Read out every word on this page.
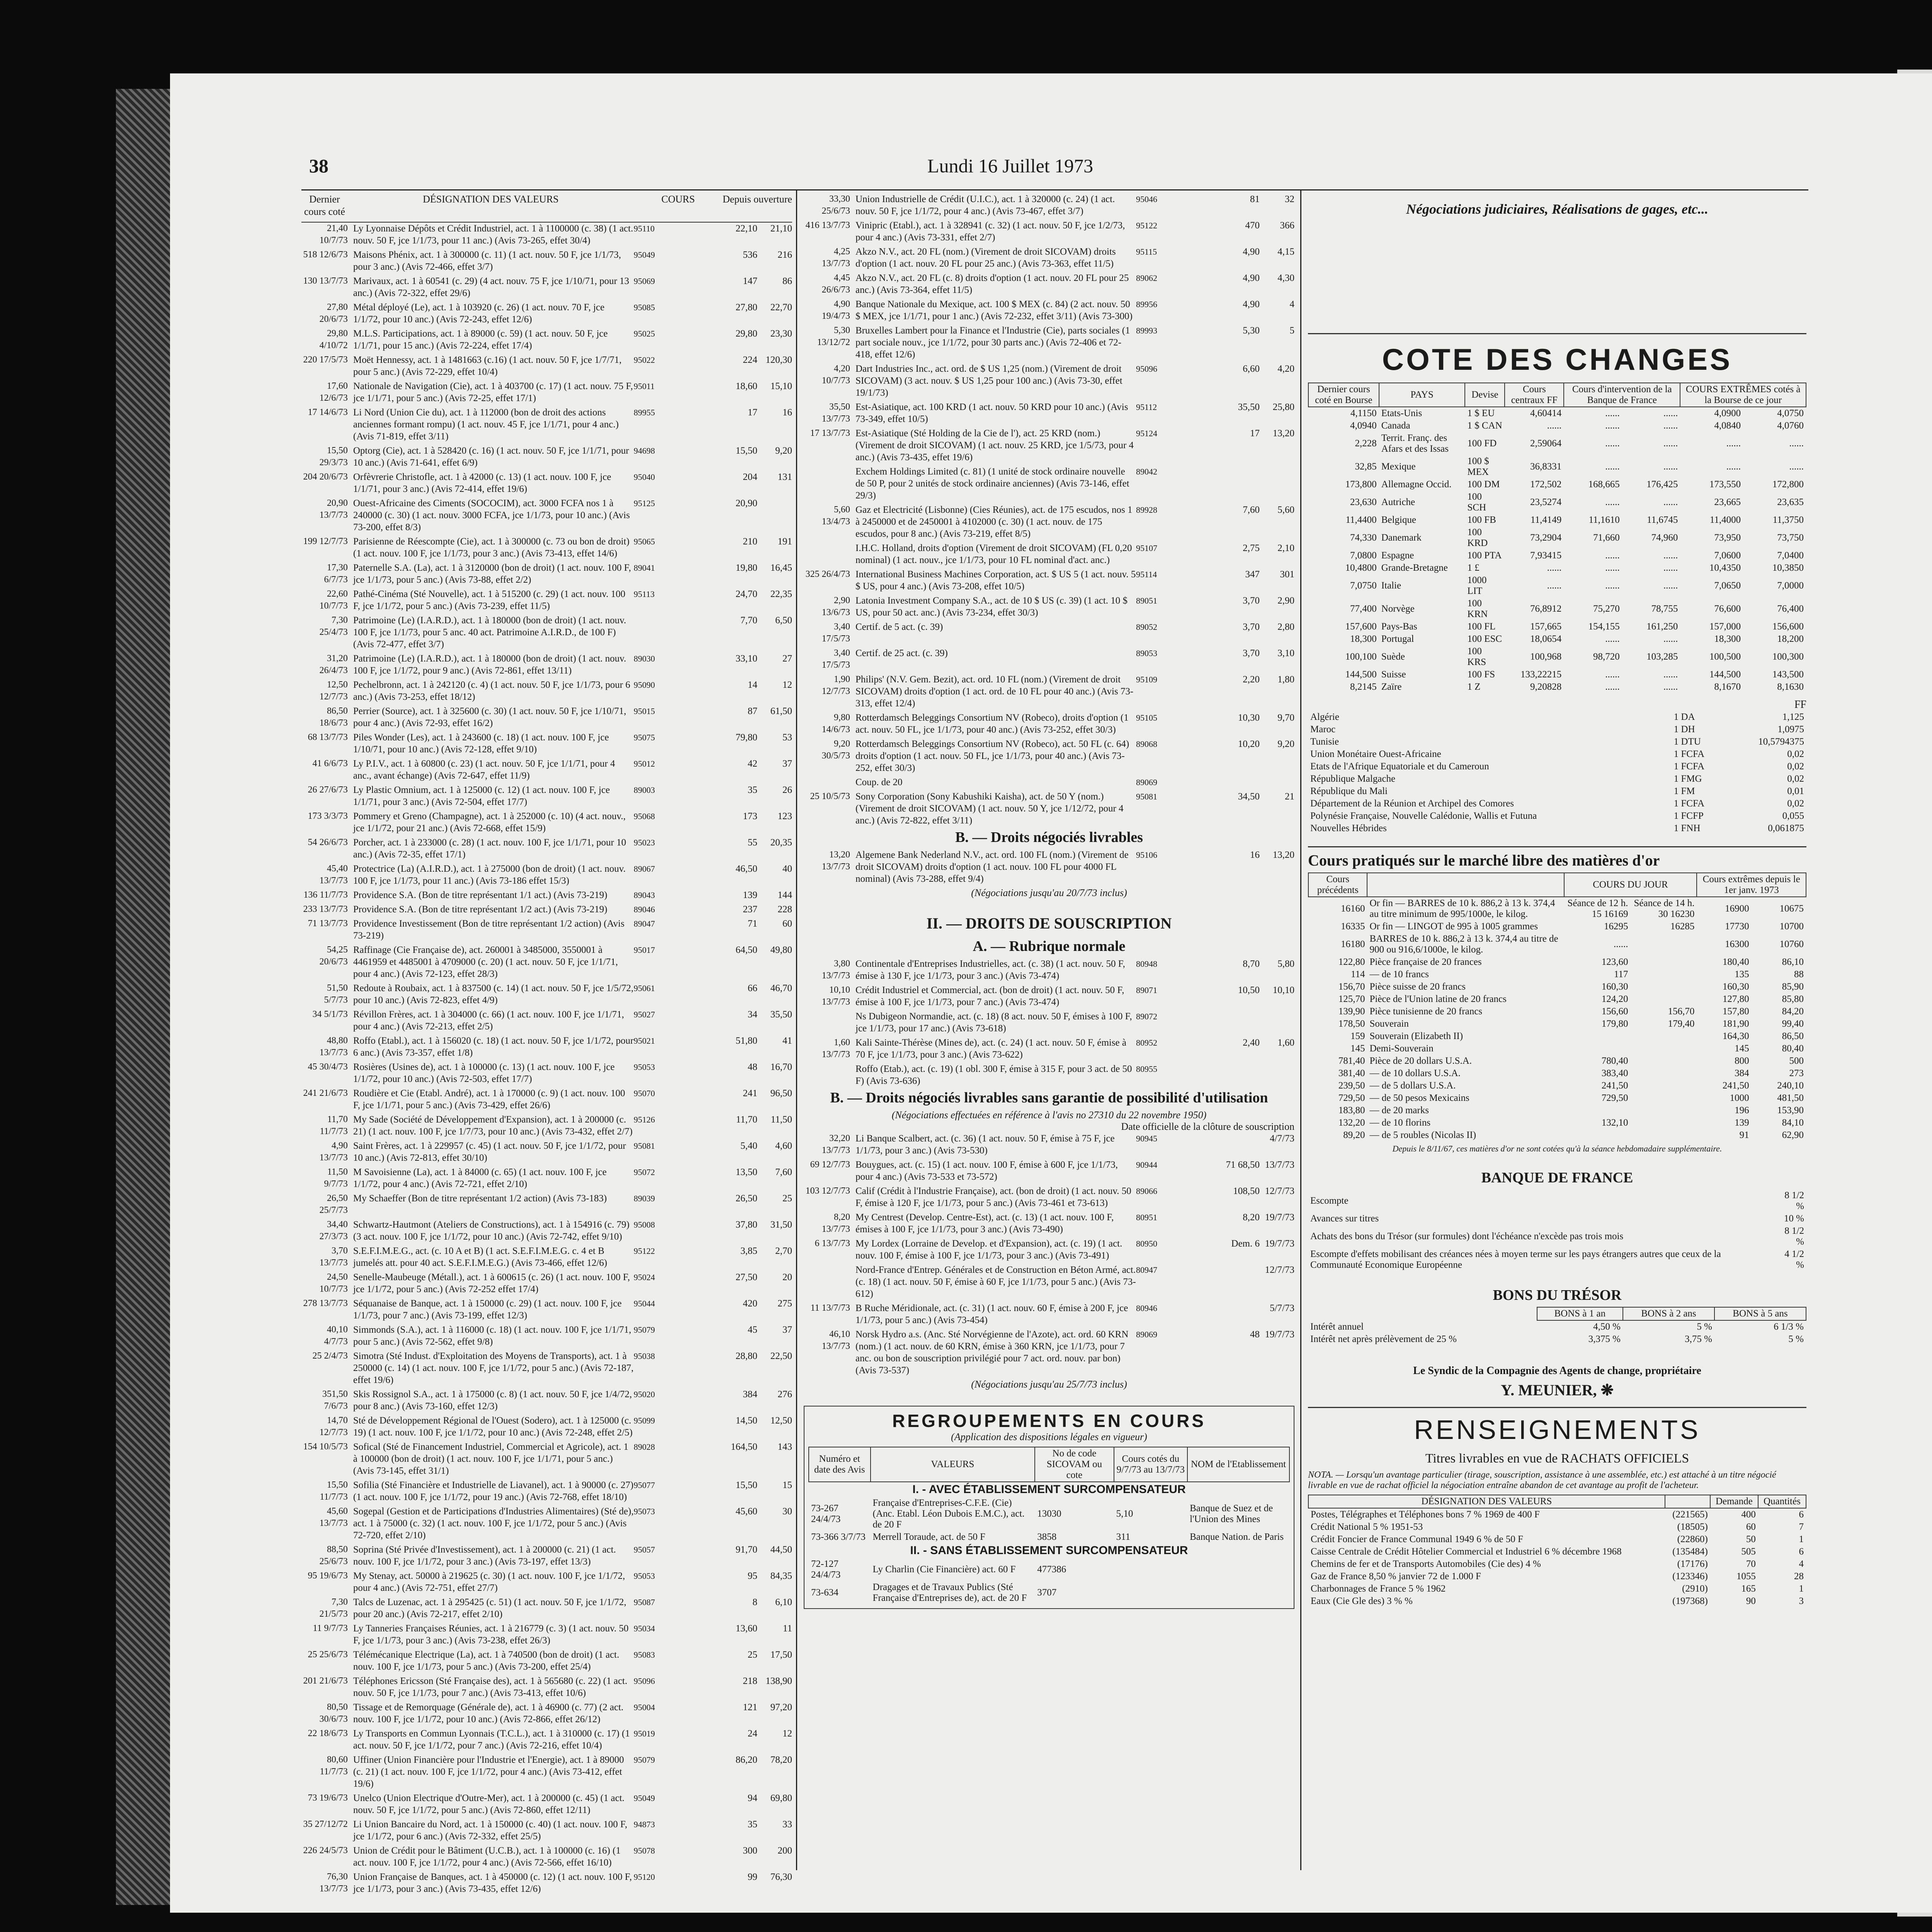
38	Lundi 16 Juillet 1973
Dernier cours coté
DÉSIGNATION DES VALEURS	COURS	Depuis ouverture
21,40 10/7/73
Ly Lyonnaise Dépôts et Crédit Industriel, act. 1 à 1100000 (c. 38) (1 act. nouv. 50 F, jce 1/1/73, pour 11 anc.) (Avis 73-265, effet 30/4)
95110	22,10	21,10
518 12/6/73 Maisons Phénix, act. 1 à 300000 (c. 11) (1 act. nouv. 50 F, jce 1/1/73, pour 3 anc.) (Avis 72-466, effet 3/7)
95049	536	216
130 13/7/73 Marivaux, act. 1 à 60541 (c. 29) (4 act. nouv. 75 F, jce 1/10/71, pour 13 anc.) (Avis 72-322, effet 29/6)
95069	147	86
27,80 20/6/73
Métal déployé (Le), act. 1 à 103920 (c. 26) (1 act. nouv. 70 F, jce 1/1/72, pour 10 anc.) (Avis 72-243, effet 12/6)
95085	27,80	22,70
29,80 4/10/72
M.L.S. Participations, act. 1 à 89000 (c. 59) (1 act. nouv. 50 F, jce 1/1/71, pour 15 anc.) (Avis 72-224, effet 17/4)
95025	29,80	23,30
220 17/5/73 Moët Hennessy, act. 1 à 1481663 (c.16) (1 act. nouv. 50 F, jce 1/7/71, pour 5 anc.) (Avis 72-229, effet 10/4)
95022	224 120,30
17,60 12/6/73
Nationale de Navigation (Cie), act. 1 à 403700 (c. 17) (1 act. nouv. 75 F, jce 1/1/71, pour 5 anc.) (Avis 72-25, effet 17/1)
95011	18,60	15,10
17 14/6/73 Li Nord (Union Cie du), act. 1 à 112000 (bon de droit des actions anciennes formant rompu) (1 act. nouv. 45 F, jce 1/1/71, pour 4 anc.) (Avis 71-819, effet 3/11)
89955	17	16
15,50 29/3/73
Optorg (Cie), act. 1 à 528420 (c. 16) (1 act. nouv. 50 F, jce 1/1/71, pour 10 anc.) (Avis 71-641, effet 6/9)
94698	15,50	9,20
204 20/6/73 Orfèvrerie Christofle, act. 1 à 42000 (c. 13) (1 act. nouv. 100 F, jce 1/1/71, pour 3 anc.) (Avis 72-414, effet 19/6)
95040	204	131
20,90 13/7/73
Ouest-Africaine des Ciments (SOCOCIM), act. 3000 FCFA nos 1 à 240000 (c. 30) (1 act. nouv. 3000 FCFA, jce 1/1/73, pour 10 anc.) (Avis 73-200, effet 8/3)
95125	20,90
199 12/7/73 Parisienne de Réescompte (Cie), act. 1 à 300000 (c. 73 ou bon de droit) (1 act. nouv. 100 F, jce 1/1/73, pour 3 anc.) (Avis 73-413, effet 14/6)
95065	210	191
17,30 6/7/73
Paternelle S.A. (La), act. 1 à 3120000 (bon de droit) (1 act. nouv. 100 F, jce 1/1/73, pour 5 anc.) (Avis 73-88, effet 2/2)
89041	19,80	16,45
22,60 10/7/73
Pathé-Cinéma (Sté Nouvelle), act. 1 à 515200 (c. 29) (1 act. nouv. 100 F, jce 1/1/72, pour 5 anc.) (Avis 73-239, effet 11/5)
95113	24,70	22,35
7,30 25/4/73
Patrimoine (Le) (I.A.R.D.), act. 1 à 180000 (bon de droit) (1 act. nouv. 100 F, jce 1/1/73, pour 5 anc. 40 act. Patrimoine A.I.R.D., de 100 F) (Avis 72-477, effet 3/7)
7,70	6,50
31,20 26/4/73
Patrimoine (Le) (I.A.R.D.), act. 1 à 180000 (bon de droit) (1 act. nouv. 100 F, jce 1/1/72, pour 9 anc.) (Avis 72-861, effet 13/11)
89030	33,10	27
12,50 12/7/73
Pechelbronn, act. 1 à 242120 (c. 4) (1 act. nouv. 50 F, jce 1/1/73, pour 6 anc.) (Avis 73-253, effet 18/12)
95090	14	12
86,50 18/6/73
Perrier (Source), act. 1 à 325600 (c. 30) (1 act. nouv. 50 F, jce 1/10/71, pour 4 anc.) (Avis 72-93, effet 16/2)
95015	87	61,50
68 13/7/73 Piles Wonder (Les), act. 1 à 243600 (c. 18) (1 act. nouv. 100 F, jce 1/10/71, pour 10 anc.) (Avis 72-128, effet 9/10)
95075	79,80	53
41 6/6/73 Ly P.I.V., act. 1 à 60800 (c. 23) (1 act. nouv. 50 F, jce 1/1/71, pour 4 anc., avant échange) (Avis 72-647, effet 11/9)
95012	42	37
26 27/6/73 Ly Plastic Omnium, act. 1 à 125000 (c. 12) (1 act. nouv. 100 F, jce 1/1/71, pour 3 anc.) (Avis 72-504, effet 17/7)
89003	35	26
173 3/3/73 Pommery et Greno (Champagne), act. 1 à 252000 (c. 10) (4 act. nouv., jce 1/1/72, pour 21 anc.) (Avis 72-668, effet 15/9)
95068	173	123
54 26/6/73 Porcher, act. 1 à 233000 (c. 28) (1 act. nouv. 100 F, jce 1/1/71, pour 10 anc.) (Avis 72-35, effet 17/1)
95023	55	20,35
45,40 13/7/73
Protectrice (La) (A.I.R.D.), act. 1 à 275000 (bon de droit) (1 act. nouv. 100 F, jce 1/1/73, pour 11 anc.) (Avis 73-186 effet 15/3)
89067	46,50	40
136 11/7/73 Providence S.A. (Bon de titre représentant 1/1 act.) (Avis 73-219)	89043	139	144
233 13/7/73 Providence S.A. (Bon de titre représentant 1/2 act.) (Avis 73-219)	89046	237	228
71 13/7/73 Providence Investissement (Bon de titre représentant 1/2 action) (Avis 73-219)
89047	71	60
54,25 20/6/73
Raffinage (Cie Française de), act. 260001 à 3485000, 3550001 à 4461959 et 4485001 à 4709000 (c. 20) (1 act. nouv. 50 F, jce 1/1/71, pour 4 anc.) (Avis 72-123, effet 28/3)
95017	64,50	49,80
51,50 5/7/73
Redoute à Roubaix, act. 1 à 837500 (c. 14) (1 act. nouv. 50 F, jce 1/5/72, pour 10 anc.) (Avis 72-823, effet 4/9)
95061	66	46,70
34 5/1/73 Révillon Frères, act. 1 à 304000 (c. 66) (1 act. nouv. 100 F, jce 1/1/71, pour 4 anc.) (Avis 72-213, effet 2/5)
95027	34	35,50
48,80 13/7/73
Roffo (Etabl.), act. 1 à 156020 (c. 18) (1 act. nouv. 50 F, jce 1/1/72, pour 6 anc.) (Avis 73-357, effet 1/8)
95021	51,80	41
45 30/4/73 Rosières (Usines de), act. 1 à 100000 (c. 13) (1 act. nouv. 100 F, jce 1/1/72, pour 10 anc.) (Avis 72-503, effet 17/7)
95053	48	16,70
241 21/6/73 Roudière et Cie (Etabl. André), act. 1 à 170000 (c. 9) (1 act. nouv. 100 F, jce 1/1/71, pour 5 anc.) (Avis 73-429, effet 26/6)
95070	241	96,50
11,70 11/7/73
My Sade (Société de Développement d'Expansion), act. 1 à 200000 (c. 21) (1 act. nouv. 100 F, jce 1/7/73, pour 10 anc.) (Avis 73-432, effet 2/7)
95126	11,70	11,50
4,90 13/7/73
Saint Frères, act. 1 à 229957 (c. 45) (1 act. nouv. 50 F, jce 1/1/72, pour 10 anc.) (Avis 72-813, effet 30/10)
95081	5,40	4,60
11,50 9/7/73
M Savoisienne (La), act. 1 à 84000 (c. 65) (1 act. nouv. 100 F, jce 1/1/72, pour 4 anc.) (Avis 72-721, effet 2/10)
95072	13,50	7,60
26,50 25/7/73
My Schaeffer (Bon de titre représentant 1/2 action) (Avis 73-183)	89039	26,50	25
34,40 27/3/73
Schwartz-Hautmont (Ateliers de Constructions), act. 1 à 154916 (c. 79) (3 act. nouv. 100 F, jce 1/1/72, pour 10 anc.) (Avis 72-742, effet 9/10)
95008	37,80	31,50
3,70 13/7/73
S.E.F.I.M.E.G., act. (c. 10 A et B) (1 act. S.E.F.I.M.E.G. c. 4 et B jumelés att. pour 40 act. S.E.F.I.M.E.G.) (Avis 73-466, effet 12/6)
95122	3,85	2,70
24,50 10/7/73
Senelle-Maubeuge (Métall.), act. 1 à 600615 (c. 26) (1 act. nouv. 100 F, jce 1/1/72, pour 5 anc.) (Avis 72-252 effet 17/4)
95024	27,50	20
278 13/7/73 Séquanaise de Banque, act. 1 à 150000 (c. 29) (1 act. nouv. 100 F, jce 1/1/73, pour 7 anc.) (Avis 73-199, effet 12/3)
95044	420	275
40,10 4/7/73
Simmonds (S.A.), act. 1 à 116000 (c. 18) (1 act. nouv. 100 F, jce 1/1/71, pour 5 anc.) (Avis 72-562, effet 9/8)
95079	45	37
25 2/4/73 Simotra (Sté Indust. d'Exploitation des Moyens de Transports), act. 1 à 250000 (c. 14) (1 act. nouv. 100 F, jce 1/1/72, pour 5 anc.) (Avis 72-187, effet 19/6)
95038	28,80	22,50
351,50 7/6/73
Skis Rossignol S.A., act. 1 à 175000 (c. 8) (1 act. nouv. 50 F, jce 1/4/72, pour 8 anc.) (Avis 73-160, effet 12/3)
95020	384	276
14,70 12/7/73
Sté de Développement Régional de l'Ouest (Sodero), act. 1 à 125000 (c. 19) (1 act. nouv. 100 F, jce 1/1/72, pour 10 anc.) (Avis 72-248, effet 2/5)
95099	14,50	12,50
154 10/5/73 Sofical (Sté de Financement Industriel, Commercial et Agricole), act. 1 à 100000 (bon de droit) (1 act. nouv. 100 F, jce 1/1/71, pour 5 anc.) (Avis 73-145, effet 31/1)
89028	164,50	143
15,50 11/7/73
Sofilia (Sté Financière et Industrielle de Liavanel), act. 1 à 90000 (c. 27) (1 act. nouv. 100 F, jce 1/1/72, pour 19 anc.) (Avis 72-768, effet 18/10)
95077	15,50	15
45,60 13/7/73
Sogepal (Gestion et de Participations d'Industries Alimentaires) (Sté de), act. 1 à 75000 (c. 32) (1 act. nouv. 100 F, jce 1/1/72, pour 5 anc.) (Avis 72-720, effet 2/10)
95073	45,60	30
88,50 25/6/73
Soprina (Sté Privée d'Investissement), act. 1 à 200000 (c. 21) (1 act. nouv. 100 F, jce 1/1/72, pour 3 anc.) (Avis 73-197, effet 13/3)
95057	91,70	44,50
95 19/6/73 My Stenay, act. 50000 à 219625 (c. 30) (1 act. nouv. 100 F, jce 1/1/72, pour 4 anc.) (Avis 72-751, effet 27/7)
95053	95	84,35
7,30 21/5/73
Talcs de Luzenac, act. 1 à 295425 (c. 51) (1 act. nouv. 50 F, jce 1/1/72, pour 20 anc.) (Avis 72-217, effet 2/10)
95087	8	6,10
11 9/7/73 Ly Tanneries Françaises Réunies, act. 1 à 216779 (c. 3) (1 act. nouv. 50 F, jce 1/1/73, pour 3 anc.) (Avis 73-238, effet 26/3)
95034	13,60	11
25 25/6/73 Télémécanique Electrique (La), act. 1 à 740500 (bon de droit) (1 act. nouv. 100 F, jce 1/1/73, pour 5 anc.) (Avis 73-200, effet 25/4)
95083	25	17,50
201 21/6/73 Téléphones Ericsson (Sté Française des), act. 1 à 565680 (c. 22) (1 act. nouv. 50 F, jce 1/1/73, pour 7 anc.) (Avis 73-413, effet 10/6)
95096	218 138,90
80,50 30/6/73
Tissage et de Remorquage (Générale de), act. 1 à 46900 (c. 77) (2 act. nouv. 100 F, jce 1/1/72, pour 10 anc.) (Avis 72-866, effet 26/12)
95004	121	97,20
22 18/6/73 Ly Transports en Commun Lyonnais (T.C.L.), act. 1 à 310000 (c. 17) (1 act. nouv. 50 F, jce 1/1/72, pour 7 anc.) (Avis 72-216, effet 10/4)
95019	24	12
80,60 11/7/73
Uffiner (Union Financière pour l'Industrie et l'Energie), act. 1 à 89000 (c. 21) (1 act. nouv. 100 F, jce 1/1/72, pour 4 anc.) (Avis 73-412, effet 19/6)
95079	86,20	78,20
73 19/6/73 Unelco (Union Electrique d'Outre-Mer), act. 1 à 200000 (c. 45) (1 act. nouv. 50 F, jce 1/1/72, pour 5 anc.) (Avis 72-860, effet 12/11)
95049	94	69,80
35 27/12/72 Li Union Bancaire du Nord, act. 1 à 150000 (c. 40) (1 act. nouv. 100 F, jce 1/1/72, pour 6 anc.) (Avis 72-332, effet 25/5)
94873	35	33
226 24/5/73 Union de Crédit pour le Bâtiment (U.C.B.), act. 1 à 100000 (c. 16) (1 act. nouv. 100 F, jce 1/1/72, pour 4 anc.) (Avis 72-566, effet 16/10)
95078	300	200
76,30 13/7/73
Union Française de Banques, act. 1 à 450000 (c. 12) (1 act. nouv. 100 F, jce 1/1/73, pour 3 anc.) (Avis 73-435, effet 12/6)
95120	99	76,30
33,30 25/6/73
Union Industrielle de Crédit (U.I.C.), act. 1 à 320000 (c. 24) (1 act. nouv. 50 F, jce 1/1/72, pour 4 anc.) (Avis 73-467, effet 3/7)
95046	81	32
416 13/7/73 Vinipric (Etabl.), act. 1 à 328941 (c. 32) (1 act. nouv. 50 F, jce 1/2/73, pour 4 anc.) (Avis 73-331, effet 2/7)
95122	470	366
4,25 13/7/73
Akzo N.V., act. 20 FL (nom.) (Virement de droit SICOVAM) droits d'option (1 act. nouv. 20 FL pour 25 anc.) (Avis 73-363, effet 11/5)
95115	4,90	4,15
4,45 26/6/73
Akzo N.V., act. 20 FL (c. 8) droits d'option (1 act. nouv. 20 FL pour 25 anc.) (Avis 73-364, effet 11/5)
89062	4,90	4,30
4,90 19/4/73
Banque Nationale du Mexique, act. 100 $ MEX (c. 84) (2 act. nouv. 50 $ MEX, jce 1/1/71, pour 1 anc.) (Avis 72-232, effet 3/11) (Avis 73-300)
89956	4,90	4
5,30 13/12/72
Bruxelles Lambert pour la Finance et l'Industrie (Cie), parts sociales (1 part sociale nouv., jce 1/1/72, pour 30 parts anc.) (Avis 72-406 et 72-418, effet 12/6)
89993	5,30	5
4,20 10/7/73
Dart Industries Inc., act. ord. de $ US 1,25 (nom.) (Virement de droit SICOVAM) (3 act. nouv. $ US 1,25 pour 100 anc.) (Avis 73-30, effet 19/1/73)
95096	6,60	4,20
35,50 13/7/73
Est-Asiatique, act. 100 KRD (1 act. nouv. 50 KRD pour 10 anc.) (Avis 73-349, effet 10/5)
95112	35,50	25,80
17 13/7/73 Est-Asiatique (Sté Holding de la Cie de l'), act. 25 KRD (nom.) (Virement de droit SICOVAM) (1 act. nouv. 25 KRD, jce 1/5/73, pour 4 anc.) (Avis 73-435, effet 19/6)
95124	17	13,20
Exchem Holdings Limited (c. 81) (1 unité de stock ordinaire nouvelle de 50 P, pour 2 unités de stock ordinaire anciennes) (Avis 73-146, effet 29/3)
89042
5,60 13/4/73
Gaz et Electricité (Lisbonne) (Cies Réunies), act. de 175 escudos, nos 1 à 2450000 et de 2450001 à 4102000 (c. 30) (1 act. nouv. de 175 escudos, pour 8 anc.) (Avis 73-219, effet 8/5)
89928	7,60	5,60
I.H.C. Holland, droits d'option (Virement de droit SICOVAM) (FL 0,20 nominal) (1 act. nouv., jce 1/1/73, pour 10 FL nominal d'act. anc.)
95107	2,75	2,10
325 26/4/73 International Business Machines Corporation, act. $ US 5 (1 act. nouv. 5 $ US, pour 4 anc.) (Avis 73-208, effet 10/5)
95114	347	301
2,90 13/6/73
Latonia Investment Company S.A., act. de 10 $ US (c. 39) (1 act. 10 $ US, pour 50 act. anc.) (Avis 73-234, effet 30/3)
89051	3,70	2,90
3,40 17/5/73
Certif. de 5 act. (c. 39)	89052	3,70	2,80
3,40 17/5/73
Certif. de 25 act. (c. 39)	89053	3,70	3,10
1,90 12/7/73
Philips' (N.V. Gem. Bezit), act. ord. 10 FL (nom.) (Virement de droit SICOVAM) droits d'option (1 act. ord. de 10 FL pour 40 anc.) (Avis 73-313, effet 12/4)
95109	2,20	1,80
9,80 14/6/73
Rotterdamsch Beleggings Consortium NV (Robeco), droits d'option (1 act. nouv. 50 FL, jce 1/1/73, pour 40 anc.) (Avis 73-252, effet 30/3)
95105	10,30	9,70
9,20 30/5/73
Rotterdamsch Beleggings Consortium NV (Robeco), act. 50 FL (c. 64) droits d'option (1 act. nouv. 50 FL, jce 1/1/73, pour 40 anc.) (Avis 73-252, effet 30/3)
89068	10,20	9,20
Coup. de 20	89069
25 10/5/73 Sony Corporation (Sony Kabushiki Kaisha), act. de 50 Y (nom.) (Virement de droit SICOVAM) (1 act. nouv. 50 Y, jce 1/12/72, pour 4 anc.) (Avis 72-822, effet 3/11)
95081	34,50	21
B. — Droits négociés livrables
13,20 13/7/73
Algemene Bank Nederland N.V., act. ord. 100 FL (nom.) (Virement de droit SICOVAM) droits d'option (1 act. nouv. 100 FL pour 4000 FL nominal) (Avis 73-288, effet 9/4)
95106	16	13,20
(Négociations jusqu'au 20/7/73 inclus)
II. — DROITS DE SOUSCRIPTION
A. — Rubrique normale
3,80 13/7/73
Continentale d'Entreprises Industrielles, act. (c. 38) (1 act. nouv. 50 F, émise à 130 F, jce 1/1/73, pour 3 anc.) (Avis 73-474)
80948	8,70	5,80
10,10 13/7/73
Crédit Industriel et Commercial, act. (bon de droit) (1 act. nouv. 50 F, émise à 100 F, jce 1/1/73, pour 7 anc.) (Avis 73-474)
89071	10,50	10,10
Ns Dubigeon Normandie, act. (c. 18) (8 act. nouv. 50 F, émises à 100 F, jce 1/1/73, pour 17 anc.) (Avis 73-618)
89072
1,60 13/7/73
Kali Sainte-Thérèse (Mines de), act. (c. 24) (1 act. nouv. 50 F, émise à 70 F, jce 1/1/73, pour 3 anc.) (Avis 73-622)
80952	2,40	1,60
Roffo (Etab.), act. (c. 19) (1 obl. 300 F, émise à 315 F, pour 3 act. de 50 F) (Avis 73-636)
80955
B. — Droits négociés livrables sans garantie de possibilité d'utilisation
(Négociations effectuées en référence à l'avis no 27310 du 22 novembre 1950)
Date officielle de la clôture de souscription
32,20 13/7/73
Li Banque Scalbert, act. (c. 36) (1 act. nouv. 50 F, émise à 75 F, jce 1/1/73, pour 3 anc.) (Avis 73-530)
90945	4/7/73
69 12/7/73 Bouygues, act. (c. 15) (1 act. nouv. 100 F, émise à 600 F, jce 1/1/73, pour 4 anc.) (Avis 73-533 et 73-572)
90944	71 68,50 13/7/73
103 12/7/73 Calif (Crédit à l'Industrie Française), act. (bon de droit) (1 act. nouv. 50 F, émise à 120 F, jce 1/1/73, pour 5 anc.) (Avis 73-461 et 73-613)
89066	108,50 12/7/73
8,20 13/7/73
My Centrest (Develop. Centre-Est), act. (c. 13) (1 act. nouv. 100 F, émises à 100 F, jce 1/1/73, pour 3 anc.) (Avis 73-490)
80951	8,20 19/7/73
6 13/7/73 My Lordex (Lorraine de Develop. et d'Expansion), act. (c. 19) (1 act. nouv. 100 F, émise à 100 F, jce 1/1/73, pour 3 anc.) (Avis 73-491)
80950	Dem. 6 19/7/73
Nord-France d'Entrep. Générales et de Construction en Béton Armé, act. (c. 18) (1 act. nouv. 50 F, émise à 60 F, jce 1/1/73, pour 5 anc.) (Avis 73-612)
80947	12/7/73
11 13/7/73 B Ruche Méridionale, act. (c. 31) (1 act. nouv. 60 F, émise à 200 F, jce 1/1/73, pour 5 anc.) (Avis 73-454)
80946	5/7/73
46,10 13/7/73
Norsk Hydro a.s. (Anc. Sté Norvégienne de l'Azote), act. ord. 60 KRN (nom.) (1 act. nouv. de 60 KRN, émise à 360 KRN, jce 1/1/73, pour 7 anc. ou bon de souscription privilégié pour 7 act. ord. nouv. par bon) (Avis 73-537)
89069	48 19/7/73
(Négociations jusqu'au 25/7/73 inclus)
REGROUPEMENTS EN COURS
(Application des dispositions légales en vigueur)
Numéro et date des Avis	VALEURS	No de code SICOVAM ou cote	Cours cotés du 9/7/73 au 13/7/73	NOM de l'Etablissement
I. - AVEC ÉTABLISSEMENT SURCOMPENSATEUR				
73-267 24/4/73	Française d'Entreprises-C.F.E. (Cie) (Anc. Etabl. Léon Dubois E.M.C.), act. de 20 F	13030	5,10	Banque de Suez et de l'Union des Mines
73-366 3/7/73	Merrell Toraude, act. de 50 F	3858	311	Banque Nation. de Paris
II. - SANS ÉTABLISSEMENT SURCOMPENSATEUR				
72-127 24/4/73	Ly Charlin (Cie Financière) act. 60 F	477386		
73-634	Dragages et de Travaux Publics (Sté Française d'Entreprises de), act. de 20 F	3707		
Négociations judiciaires, Réalisations de gages, etc...
COTE DES CHANGES
Dernier cours coté en Bourse	PAYS	Devise	Cours centraux FF	Cours d'intervention de la Banque de France		COURS EXTRÊMES cotés à la Bourse de ce jour	
4,1150	Etats-Unis	1 $ EU	4,60414	......	......	4,0900	4,0750
4,0940	Canada	1 $ CAN	......	......	......	4,0840	4,0760
2,228	Territ. Franç. des Afars et des Issas	100 FD	2,59064	......	......	......	......
32,85	Mexique	100 $ MEX	36,8331	......	......	......	......
173,800	Allemagne Occid.	100 DM	172,502	168,665	176,425	173,550	172,800
23,630	Autriche	100 SCH	23,5274	......	......	23,665	23,635
11,4400	Belgique	100 FB	11,4149	11,1610	11,6745	11,4000	11,3750
74,330	Danemark	100 KRD	73,2904	71,660	74,960	73,950	73,750
7,0800	Espagne	100 PTA	7,93415	......	......	7,0600	7,0400
10,4800	Grande-Bretagne	1 £	......	......	......	10,4350	10,3850
7,0750	Italie	1000 LIT	......	......	......	7,0650	7,0000
77,400	Norvège	100 KRN	76,8912	75,270	78,755	76,600	76,400
157,600	Pays-Bas	100 FL	157,665	154,155	161,250	157,000	156,600
18,300	Portugal	100 ESC	18,0654	......	......	18,300	18,200
100,100	Suède	100 KRS	100,968	98,720	103,285	100,500	100,300
144,500	Suisse	100 FS	133,22215	......	......	144,500	143,500
8,2145	Zaïre	1 Z	9,20828	......	......	8,1670	8,1630
FF
Algérie	1 DA	1,125
Maroc	1 DH	1,0975
Tunisie	1 DTU	10,5794375
Union Monétaire Ouest-Africaine	1 FCFA	0,02
Etats de l'Afrique Equatoriale et du Cameroun	1 FCFA	0,02
République Malgache	1 FMG	0,02
République du Mali	1 FM	0,01
Département de la Réunion et Archipel des Comores	1 FCFA	0,02
Polynésie Française, Nouvelle Calédonie, Wallis et Futuna	1 FCFP	0,055
Nouvelles Hébrides	1 FNH	0,061875
Cours pratiqués sur le marché libre des matières d'or
Cours précédents		COURS DU JOUR		Cours extrêmes depuis le 1er janv. 1973	
16160	Or fin — BARRES de 10 k. 886,2 à 13 k. 374,4 au titre minimum de 995/1000e, le kilog.	Séance de 12 h. 15 16169	Séance de 14 h. 30 16230	16900	10675
16335	Or fin — LINGOT de 995 à 1005 grammes	16295	16285	17730	10700
16180	BARRES de 10 k. 886,2 à 13 k. 374,4 au titre de 900 ou 916,6/1000e, le kilog.	......		16300	10760
122,80	Pièce française de 20 frances	123,60		180,40	86,10
114	— de 10 francs	117		135	88
156,70	Pièce suisse de 20 francs	160,30		160,30	85,90
125,70	Pièce de l'Union latine de 20 francs	124,20		127,80	85,80
139,90	Pièce tunisienne de 20 francs	156,60	156,70	157,80	84,20
178,50	Souverain	179,80	179,40	181,90	99,40
159	Souverain (Elizabeth II)			164,30	86,50
145	Demi-Souverain			145	80,40
781,40	Pièce de 20 dollars U.S.A.	780,40		800	500
381,40	— de 10 dollars U.S.A.	383,40		384	273
239,50	— de 5 dollars U.S.A.	241,50		241,50	240,10
729,50	— de 50 pesos Mexicains	729,50		1000	481,50
183,80	— de 20 marks			196	153,90
132,20	— de 10 florins	132,10		139	84,10
89,20	— de 5 roubles (Nicolas II)			91	62,90
Depuis le 8/11/67, ces matières d'or ne sont cotées qu'à la séance hebdomadaire supplémentaire.
BANQUE DE FRANCE
Escompte	8 1/2 %
Avances sur titres	10 %
Achats des bons du Trésor (sur formules) dont l'échéance n'excède pas trois mois	8 1/2 %
Escompte d'effets mobilisant des créances nées à moyen terme sur les pays étrangers autres que ceux de la Communauté Economique Européenne	4 1/2 %
BONS DU TRÉSOR
	BONS à 1 an	BONS à 2 ans	BONS à 5 ans
Intérêt annuel	4,50 %	5 %	6 1/3 %
Intérêt net après prélèvement de 25 %	3,375 %	3,75 %	5 %
Le Syndic de la Compagnie des Agents de change, propriétaire
Y. MEUNIER, ❋
RENSEIGNEMENTS
Titres livrables en vue de RACHATS OFFICIELS
NOTA. — Lorsqu'un avantage particulier (tirage, souscription, assistance à une assemblée, etc.) est attaché à un titre négocié livrable en vue de rachat officiel la négociation entraîne abandon de cet avantage au profit de l'acheteur.
DÉSIGNATION DES VALEURS		Demande	Quantités
Postes, Télégraphes et Téléphones bons 7 % 1969 de 400 F	(221565)	400	6
Crédit National 5 % 1951-53	(18505)	60	7
Crédit Foncier de France Communal 1949 6 % de 50 F	(22860)	50	1
Caisse Centrale de Crédit Hôtelier Commercial et Industriel 6 % décembre 1968	(135484)	505	6
Chemins de fer et de Transports Automobiles (Cie des) 4 %	(17176)	70	4
Gaz de France 8,50 % janvier 72 de 1.000 F	(123346)	1055	28
Charbonnages de France 5 % 1962	(2910)	165	1
Eaux (Cie Gle des) 3 % %	(197368)	90	3
